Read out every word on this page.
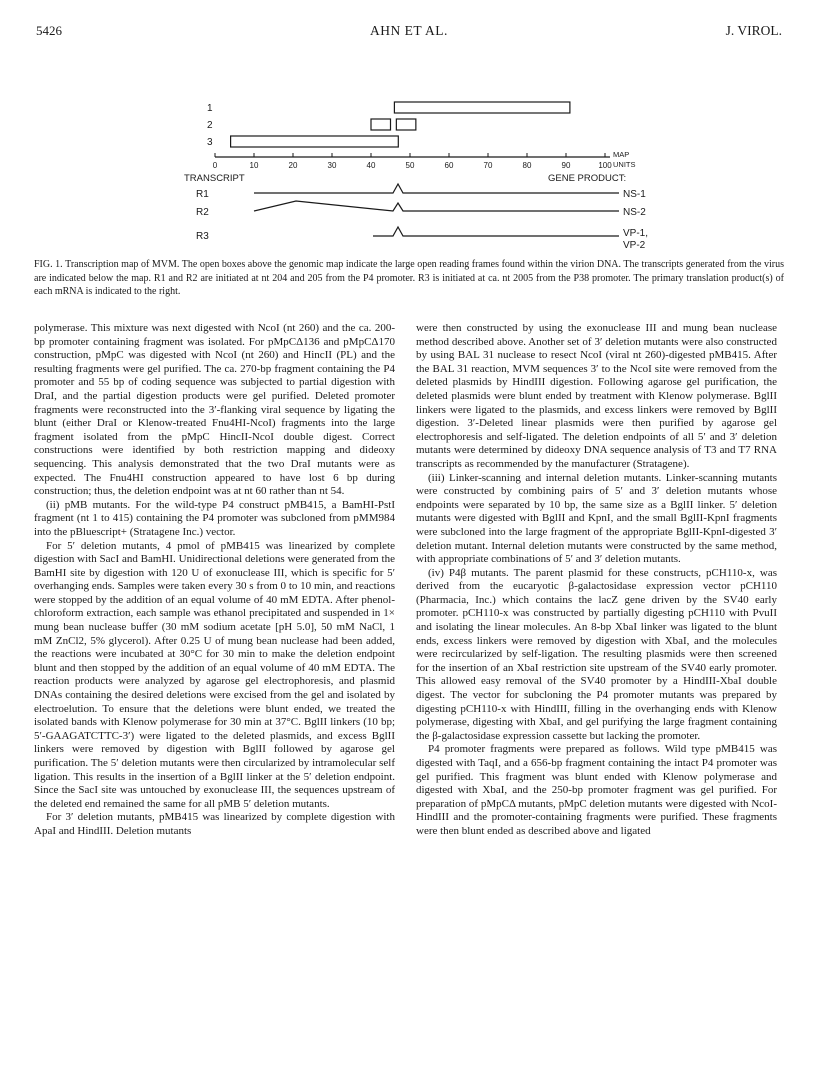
5426	AHN ET AL.	J. VIROL.
1
2
3
0	10	20	30	40	50	60	70	80	90	100
MAP
UNITS
TRANSCRIPT	GENE PRODUCT:
R1	NS-1
R2	NS-2
R3	VP-1,
VP-2

FIG. 1. Transcription map of MVM. The open boxes above the genomic map indicate the large open reading frames found within the virion DNA. The transcripts generated from the virus are indicated below the map. R1 and R2 are initiated at nt 204 and 205 from the P4 promoter. R3 is initiated at ca. nt 2005 from the P38 promoter. The primary translation product(s) of each mRNA is indicated to the right.

polymerase. This mixture was next digested with NcoI (nt 260) and the ca. 200-bp promoter containing fragment was isolated. For pMpCΔ136 and pMpCΔ170 construction, pMpC was digested with NcoI (nt 260) and HincII (PL) and the resulting fragments were gel purified. The ca. 270-bp fragment containing the P4 promoter and 55 bp of coding sequence was subjected to partial digestion with DraI, and the partial digestion products were gel purified. Deleted promoter fragments were reconstructed into the 3′-flanking viral sequence by ligating the blunt (either DraI or Klenow-treated Fnu4HI-NcoI) fragments into the large fragment isolated from the pMpC HincII-NcoI double digest. Correct constructions were identified by both restriction mapping and dideoxy sequencing. This analysis demonstrated that the two DraI mutants were as expected. The Fnu4HI construction appeared to have lost 6 bp during construction; thus, the deletion endpoint was at nt 60 rather than nt 54.

(ii) pMB mutants. For the wild-type P4 construct pMB415, a BamHI-PstI fragment (nt 1 to 415) containing the P4 promoter was subcloned from pMM984 into the pBluescript+ (Stratagene Inc.) vector.

For 5′ deletion mutants, 4 pmol of pMB415 was linearized by complete digestion with SacI and BamHI. Unidirectional deletions were generated from the BamHI site by digestion with 120 U of exonuclease III, which is specific for 5′ overhanging ends. Samples were taken every 30 s from 0 to 10 min, and reactions were stopped by the addition of an equal volume of 40 mM EDTA. After phenol-chloroform extraction, each sample was ethanol precipitated and suspended in 1× mung bean nuclease buffer (30 mM sodium acetate [pH 5.0], 50 mM NaCl, 1 mM ZnCl2, 5% glycerol). After 0.25 U of mung bean nuclease had been added, the reactions were incubated at 30°C for 30 min to make the deletion endpoint blunt and then stopped by the addition of an equal volume of 40 mM EDTA. The reaction products were analyzed by agarose gel electrophoresis, and plasmid DNAs containing the desired deletions were excised from the gel and isolated by electroelution. To ensure that the deletions were blunt ended, we treated the isolated bands with Klenow polymerase for 30 min at 37°C. BglII linkers (10 bp; 5′-GAAGATCTTC-3′) were ligated to the deleted plasmids, and excess BglII linkers were removed by digestion with BglII followed by agarose gel purification. The 5′ deletion mutants were then circularized by intramolecular self ligation. This results in the insertion of a BglII linker at the 5′ deletion endpoint. Since the SacI site was untouched by exonuclease III, the sequences upstream of the deleted end remained the same for all pMB 5′ deletion mutants.

For 3′ deletion mutants, pMB415 was linearized by complete digestion with ApaI and HindIII. Deletion mutants

were then constructed by using the exonuclease III and mung bean nuclease method described above. Another set of 3′ deletion mutants were also constructed by using BAL 31 nuclease to resect NcoI (viral nt 260)-digested pMB415. After the BAL 31 reaction, MVM sequences 3′ to the NcoI site were removed from the deleted plasmids by HindIII digestion. Following agarose gel purification, the deleted plasmids were blunt ended by treatment with Klenow polymerase. BglII linkers were ligated to the plasmids, and excess linkers were removed by BglII digestion. 3′-Deleted linear plasmids were then purified by agarose gel electrophoresis and self-ligated. The deletion endpoints of all 5′ and 3′ deletion mutants were determined by dideoxy DNA sequence analysis of T3 and T7 RNA transcripts as recommended by the manufacturer (Stratagene).

(iii) Linker-scanning and internal deletion mutants. Linker-scanning mutants were constructed by combining pairs of 5′ and 3′ deletion mutants whose endpoints were separated by 10 bp, the same size as a BglII linker. 5′ deletion mutants were digested with BglII and KpnI, and the small BglII-KpnI fragments were subcloned into the large fragment of the appropriate BglII-KpnI-digested 3′ deletion mutant. Internal deletion mutants were constructed by the same method, with appropriate combinations of 5′ and 3′ deletion mutants.

(iv) P4β mutants. The parent plasmid for these constructs, pCH110-x, was derived from the eucaryotic β-galactosidase expression vector pCH110 (Pharmacia, Inc.) which contains the lacZ gene driven by the SV40 early promoter. pCH110-x was constructed by partially digesting pCH110 with PvuII and isolating the linear molecules. An 8-bp XbaI linker was ligated to the blunt ends, excess linkers were removed by digestion with XbaI, and the molecules were recircularized by self-ligation. The resulting plasmids were then screened for the insertion of an XbaI restriction site upstream of the SV40 early promoter. This allowed easy removal of the SV40 promoter by a HindIII-XbaI double digest. The vector for subcloning the P4 promoter mutants was prepared by digesting pCH110-x with HindIII, filling in the overhanging ends with Klenow polymerase, digesting with XbaI, and gel purifying the large fragment containing the β-galactosidase expression cassette but lacking the promoter.

P4 promoter fragments were prepared as follows. Wild type pMB415 was digested with TaqI, and a 656-bp fragment containing the intact P4 promoter was gel purified. This fragment was blunt ended with Klenow polymerase and digested with XbaI, and the 250-bp promoter fragment was gel purified. For preparation of pMpCΔ mutants, pMpC deletion mutants were digested with NcoI-HindIII and the promoter-containing fragments were purified. These fragments were then blunt ended as described above and ligated
